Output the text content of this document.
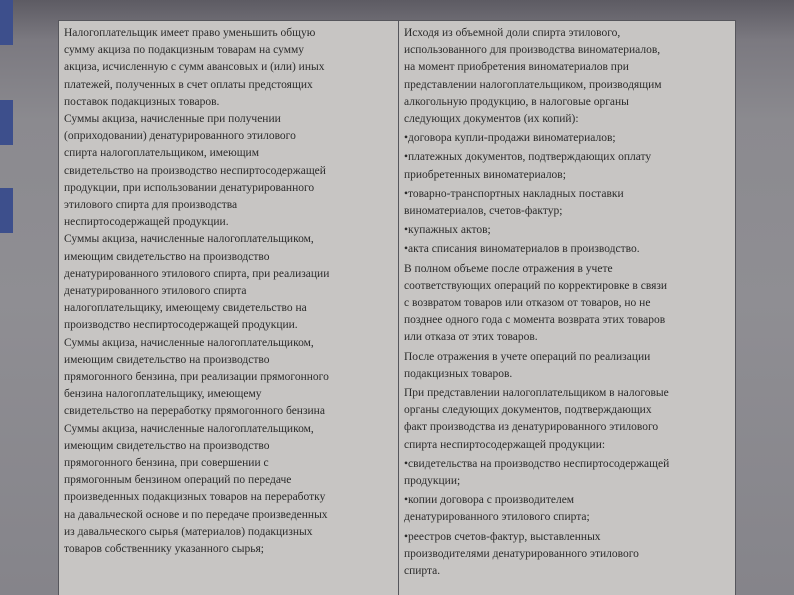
Налогоплательщик имеет право уменьшить общую
сумму акциза по подакцизным товарам на сумму
акциза, исчисленную с сумм авансовых и (или) иных
платежей, полученных в счет оплаты предстоящих
поставок подакцизных товаров.

Суммы акциза, начисленные при получении
(оприходовании) денатурированного этилового
спирта налогоплательщиком, имеющим
свидетельство на производство неспиртосодержащей
продукции, при использовании денатурированного
этилового спирта для производства
неспиртосодержащей продукции.

Суммы акциза, начисленные налогоплательщиком,
имеющим свидетельство на производство
денатурированного этилового спирта, при реализации
денатурированного этилового спирта
налогоплательщику, имеющему свидетельство на
производство неспиртосодержащей продукции.

Суммы акциза, начисленные налогоплательщиком,
имеющим свидетельство на производство
прямогонного бензина, при реализации прямогонного
бензина налогоплательщику, имеющему
свидетельство на переработку прямогонного бензина

Суммы акциза, начисленные налогоплательщиком,
имеющим свидетельство на производство
прямогонного бензина, при совершении с
прямогонным бензином операций по передаче
произведенных подакцизных товаров на переработку
на давальческой основе и по передаче произведенных
из давальческого сырья (материалов) подакцизных
товаров собственнику указанного сырья;

Исходя из объемной доли спирта этилового,
использованного для производства виноматериалов,
на момент приобретения виноматериалов при
представлении налогоплательщиком, производящим
алкогольную продукцию, в налоговые органы
следующих документов (их копий):

•договора купли-продажи виноматериалов;

•платежных документов, подтверждающих оплату
приобретенных виноматериалов;

•товарно-транспортных накладных поставки
виноматериалов, счетов-фактур;

•купажных актов;

•акта списания виноматериалов в производство.

В полном объеме после отражения в учете
соответствующих операций по корректировке в связи
с возвратом товаров или отказом от товаров, но не
позднее одного года с момента возврата этих товаров
или отказа от этих товаров.

После отражения в учете операций по реализации
подакцизных товаров.

При представлении налогоплательщиком в налоговые
органы следующих документов, подтверждающих
факт производства из денатурированного этилового
спирта неспиртосодержащей продукции:

•свидетельства на производство неспиртосодержащей
продукции;

•копии договора с производителем
денатурированного этилового спирта;

•реестров счетов-фактур, выставленных
производителями денатурированного этилового
спирта.
